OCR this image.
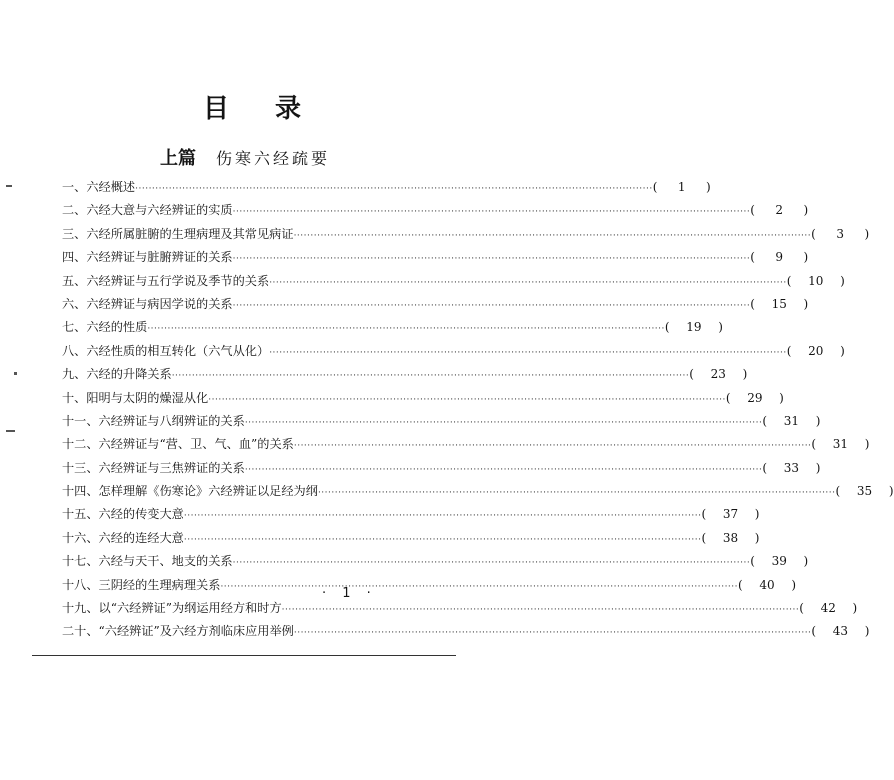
目 录
上篇 伤寒六经疏要
一、六经概述 ·····	(	1	)
二、六经大意与六经辨证的实质 ·····	(	2	)
三、六经所属脏腑的生理病理及其常见病证 ·····	(	3	)
四、六经辨证与脏腑辨证的关系 ·····	(	9	)
五、六经辨证与五行学说及季节的关系 ·····	(	10	)
六、六经辨证与病因学说的关系 ·····	(	15	)
七、六经的性质 ·····	(	19	)
八、六经性质的相互转化（六气从化） ·····	(	20	)
九、六经的升降关系 ·····	(	23	)
十、阳明与太阴的燥湿从化 ·····	(	29	)
十一、六经辨证与八纲辨证的关系 ·····	(	31	)
十二、六经辨证与“营、卫、气、血”的关系 ·····	(	31	)
十三、六经辨证与三焦辨证的关系 ·····	(	33	)
十四、怎样理解《伤寒论》六经辨证以足经为纲 ·····	(	35	)
十五、六经的传变大意 ·····	(	37	)
十六、六经的连经大意 ·····	(	38	)
十七、六经与天干、地支的关系 ·····	(	39	)
十八、三阴经的生理病理关系 ·····	(	40	)
十九、以“六经辨证”为纲运用经方和时方 ·····	(	42	)
二十、“六经辨证”及六经方剂临床应用举例 ·····	(	43	)
· 1 ·
